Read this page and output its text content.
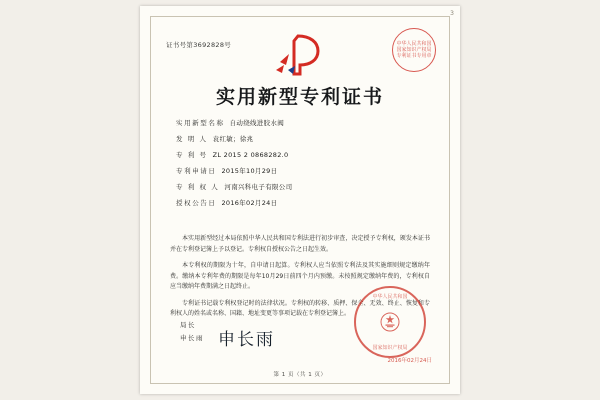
3
证书号第3692828号	中华人民共和国
国家知识产权局
专利证书专用章
实用新型专利证书
实用新型名称 自动绕线进胶水阀
发 明 人 袁红敏；徐兆
专 利 号 ZL 2015 2 0868282.0
专利申请日 2015年10月29日
专 利 权 人 河南兴科电子有限公司
授权公告日 2016年02月24日

本实用新型经过本局依照中华人民共和国专利法进行初步审查，决定授予专利权，颁发本证书并在专利登记簿上予以登记。专利权自授权公告之日起生效。

本专利权的期限为十年，自申请日起算。专利权人应当依照专利法及其实施细则规定缴纳年费。缴纳本专利年费的期限是每年10月29日前四个月内预缴。未按照规定缴纳年费的，专利权自应当缴纳年费期满之日起终止。

专利证书记载专利权登记时的法律状况。专利权的转移、质押、保全、无效、终止、恢复和专利权人的姓名或名称、国籍、地址变更等事项记载在专利登记簿上。

局长
申长雨 申长雨
中华人民共和国
国家知识产权局
2016年02月24日
第 1 页（共 1 页）
